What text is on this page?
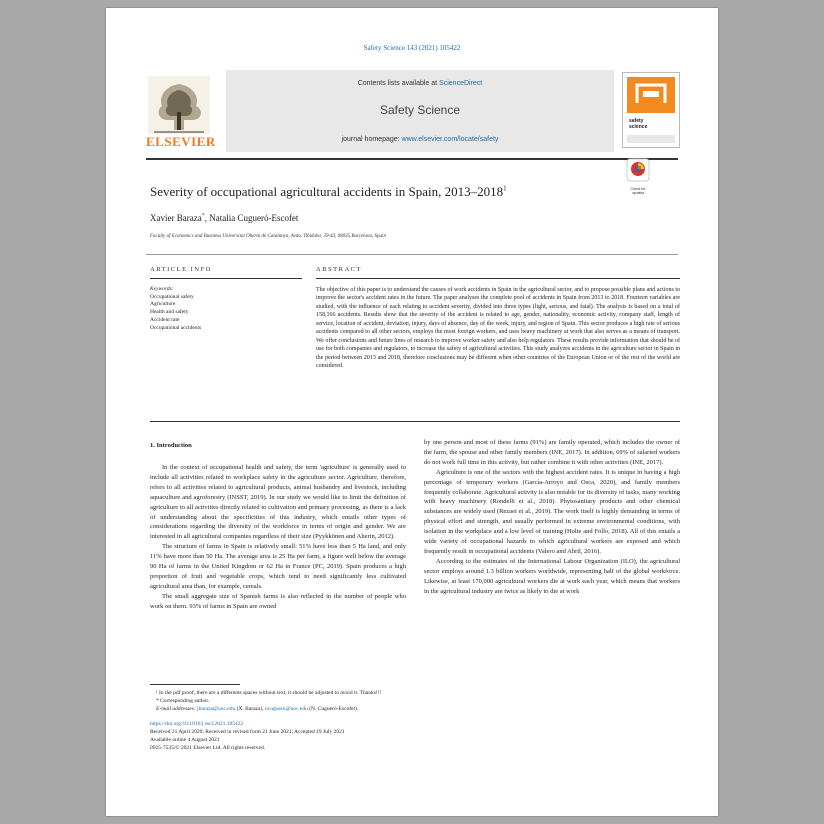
Safety Science 143 (2021) 105422
ELSEVIER
Contents lists available at ScienceDirect
Safety Science
journal homepage: www.elsevier.com/locate/safety
safety science
Severity of occupational agricultural accidents in Spain, 2013–2018$^1$	Check for updates
Xavier Baraza*, Natalia Cugueró-Escofet
Faculty of Economics and Business Universitat Oberta de Catalunya, Avda. Tibidabo, 39-43, 08035 Barcelona, Spain
ARTICLE INFO	ABSTRACT
Keywords:
Occupational safety
Agriculture
Health and safety
Accident rate
Occupational accidents
The objective of this paper is to understand the causes of work accidents in Spain in the agricultural sector, and to propose possible plans and actions to improve the sector's accident rates in the future. The paper analyses the complete pool of accidents in Spain from 2013 to 2018. Fourteen variables are studied, with the influence of each relating to accident severity, divided into three types (light, serious, and fatal). The analysis is based on a total of 158,166 accidents. Results show that the severity of the accident is related to age, gender, nationality, economic activity, company staff, length of service, location of accident, deviation, injury, days of absence, day of the week, injury, and region of Spain. This sector produces a high rate of serious accidents compared to all other sectors, employs the most foreign workers, and uses heavy machinery at work that also serves as a means of transport. We offer conclusions and future lines of research to improve worker safety and also help regulators. These results provide information that should be of use for both companies and regulators, to increase the safety of agricultural activities. This study analyzes accidents in the agriculture sector in Spain in the period between 2013 and 2018, therefore conclusions may be different when other countries of the European Union or of the rest of the world are considered.
1. Introduction

In the context of occupational health and safety, the term 'agriculture' is generally used to include all activities related to workplace safety in the agriculture sector. Agriculture, therefore, refers to all activities related to agricultural products, animal husbandry and livestock, including aquaculture and agroforestry (INSST, 2019). In our study we would like to limit the definition of agriculture to all activities directly related to cultivation and primary processing, as there is a lack of understanding about the specificities of this industry, which entails other types of considerations regarding the diversity of the workforce in terms of origin and gender. We are interested in all agricultural companies regardless of their size (Pyykkönen and Aherin, 2012).

The structure of farms in Spain is relatively small: 51% have less than 5 Ha land, and only 11% have more than 50 Ha. The average area is 25 Ha per farm, a figure well below the average 90 Ha of farms in the United Kingdom or 62 Ha in France (PC, 2019). Spain produces a high proportion of fruit and vegetable crops, which tend to need significantly less cultivated agricultural area than, for example, cereals.

The small aggregate size of Spanish farms is also reflected in the number of people who work on them. 93% of farms in Spain are owned

by one person and most of these farms (91%) are family operated, which includes the owner of the farm, the spouse and other family members (INE, 2017). In addition, 69% of salaried workers do not work full time in this activity, but rather combine it with other activities (INE, 2017).

Agriculture is one of the sectors with the highest accident rates. It is unique in having a high percentage of temporary workers (García-Arroyo and Osca, 2020), and family members frequently collaborate. Agricultural activity is also notable for its diversity of tasks, many working with heavy machinery (Rondelli et al., 2018). Phytosanitary products and other chemical substances are widely used (Rezaei et al., 2019). The work itself is highly demanding in terms of physical effort and strength, and usually performed in extreme environmental conditions, with isolation in the workplace and a low level of training (Holte and Follo, 2018). All of this entails a wide variety of occupational hazards to which agricultural workers are exposed and which frequently result in occupational accidents (Valero and Abril, 2016).

According to the estimates of the International Labour Organization (ILO), the agricultural sector employs around 1.3 billion workers worldwide, representing half of the global workforce. Likewise, at least 170,000 agricultural workers die at work each year, which means that workers in the agricultural industry are twice as likely to die at work

¹ In the pdf proof, there are a differents spaces without text, it should be adjusted to avoid it. Thanks!!!
* Corresponding author.
E-mail addresses: jbaraza@uoc.edu (X. Baraza), ncuguero@uoc.edu (N. Cugueró-Escofet).
https://doi.org/10.1016/j.ssci.2021.105422
Received 21 April 2020; Received in revised form 21 June 2021; Accepted 19 July 2021
Available online 4 August 2021
0925-7535/© 2021 Elsevier Ltd. All rights reserved.
